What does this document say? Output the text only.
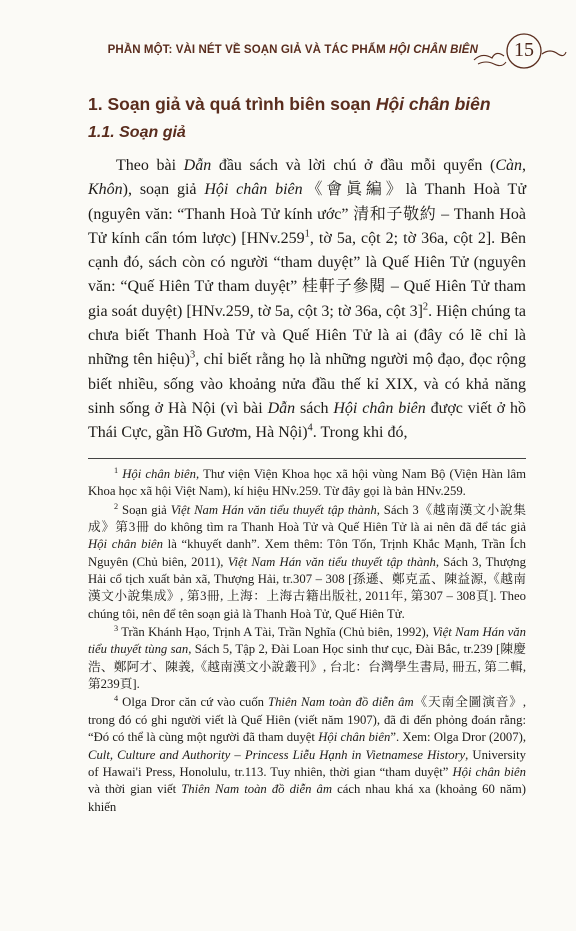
PHẦN MỘT: VÀI NÉT VỀ SOẠN GIẢ VÀ TÁC PHẨM HỘI CHÂN BIÊN	15
1. Soạn giả và quá trình biên soạn Hội chân biên
1.1. Soạn giả

Theo bài Dẫn đầu sách và lời chú ở đầu mỗi quyển (Càn, Khôn), soạn giả Hội chân biên《會眞編》là Thanh Hoà Tử (nguyên văn: “Thanh Hoà Tử kính ước” 清和子敬約 – Thanh Hoà Tử kính cẩn tóm lược) [HNv.259$^1$, tờ 5a, cột 2; tờ 36a, cột 2]. Bên cạnh đó, sách còn có người “tham duyệt” là Quế Hiên Tử (nguyên văn: “Quế Hiên Tử tham duyệt” 桂軒子參閱 – Quế Hiên Tử tham gia soát duyệt) [HNv.259, tờ 5a, cột 3; tờ 36a, cột 3]$^2$. Hiện chúng ta chưa biết Thanh Hoà Tử và Quế Hiên Tử là ai (đây có lẽ chỉ là những tên hiệu)$^3$, chỉ biết rằng họ là những người mộ đạo, đọc rộng biết nhiều, sống vào khoảng nửa đầu thế kỉ XIX, và có khả năng sinh sống ở Hà Nội (vì bài Dẫn sách Hội chân biên được viết ở hồ Thái Cực, gần Hồ Gươm, Hà Nội)$^4$. Trong khi đó,

$^1$ Hội chân biên, Thư viện Viện Khoa học xã hội vùng Nam Bộ (Viện Hàn lâm Khoa học xã hội Việt Nam), kí hiệu HNv.259. Từ đây gọi là bản HNv.259.

$^2$ Soạn giả Việt Nam Hán văn tiểu thuyết tập thành, Sách 3《越南漢文小說集成》第3冊 do không tìm ra Thanh Hoà Tử và Quế Hiên Tử là ai nên đã để tác giả Hội chân biên là “khuyết danh”. Xem thêm: Tôn Tốn, Trịnh Khắc Mạnh, Trần Ích Nguyên (Chủ biên, 2011), Việt Nam Hán văn tiểu thuyết tập thành, Sách 3, Thượng Hải cổ tịch xuất bản xã, Thượng Hải, tr.307 – 308 [孫遜、鄭克孟、陳益源,《越南漢文小說集成》, 第3冊, 上海：上海古籍出版社, 2011年, 第307 – 308頁]. Theo chúng tôi, nên để tên soạn giả là Thanh Hoà Tử, Quế Hiên Tử.

$^3$ Trần Khánh Hạo, Trịnh A Tài, Trần Nghĩa (Chủ biên, 1992), Việt Nam Hán văn tiểu thuyết tùng san, Sách 5, Tập 2, Đài Loan Học sinh thư cục, Đài Bắc, tr.239 [陳慶浩、鄭阿才、陳義,《越南漢文小說叢刊》, 台北：台灣學生書局, 冊五, 第二輯, 第239頁].

$^4$ Olga Dror căn cứ vào cuốn Thiên Nam toàn đồ diễn âm《天南全圖演音》, trong đó có ghi người viết là Quế Hiên (viết năm 1907), đã đi đến phỏng đoán rằng: “Đó có thể là cùng một người đã tham duyệt Hội chân biên”. Xem: Olga Dror (2007), Cult, Culture and Authority – Princess Liễu Hạnh in Vietnamese History, University of Hawai'i Press, Honolulu, tr.113. Tuy nhiên, thời gian “tham duyệt” Hội chân biên và thời gian viết Thiên Nam toàn đồ diễn âm cách nhau khá xa (khoảng 60 năm) khiến
